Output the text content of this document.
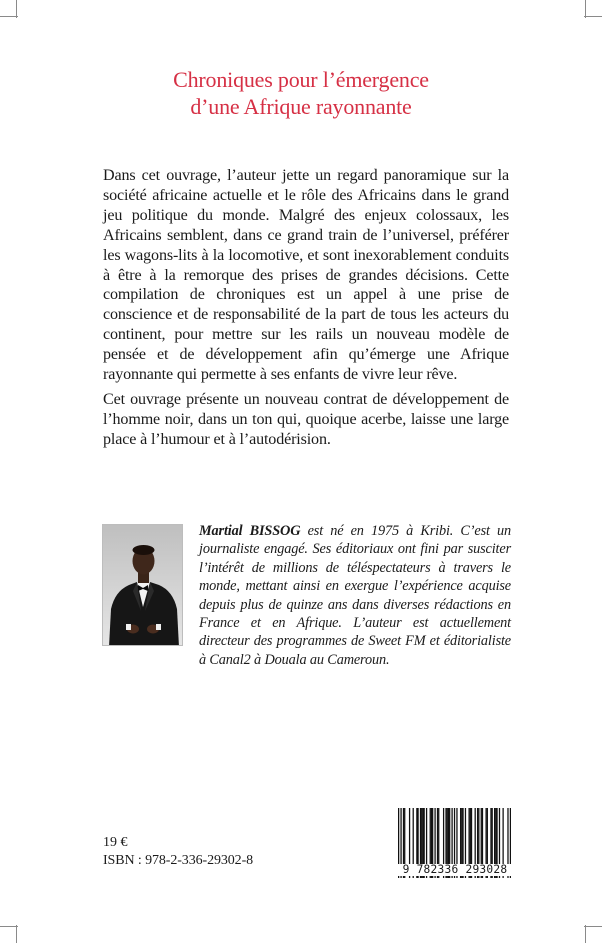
Chroniques pour l’émergence
d’une Afrique rayonnante

Dans cet ouvrage, l’auteur jette un regard panoramique sur la société africaine actuelle et le rôle des Africains dans le grand jeu politique du monde. Malgré des enjeux colossaux, les Africains semblent, dans ce grand train de l’universel, préférer les wagons-lits à la locomotive, et sont inexorablement conduits à être à la remorque des prises de grandes décisions. Cette compilation de chroniques est un appel à une prise de conscience et de responsabilité de la part de tous les acteurs du continent, pour mettre sur les rails un nouveau modèle de pensée et de développement afin qu’émerge une Afrique rayonnante qui permette à ses enfants de vivre leur rêve.

Cet ouvrage présente un nouveau contrat de développement de l’homme noir, dans un ton qui, quoique acerbe, laisse une large place à l’humour et à l’autodérision.

Martial BISSOG est né en 1975 à Kribi. C’est un journaliste engagé. Ses éditoriaux ont fini par susciter l’intérêt de millions de téléspectateurs à travers le monde, mettant ainsi en exergue l’expérience acquise depuis plus de quinze ans dans diverses rédactions en France et en Afrique. L’auteur est actuellement directeur des programmes de Sweet FM et éditorialiste à Canal2 à Douala au Cameroun.
19 €
ISBN : 978-2-336-29302-8
9 782336 293028
